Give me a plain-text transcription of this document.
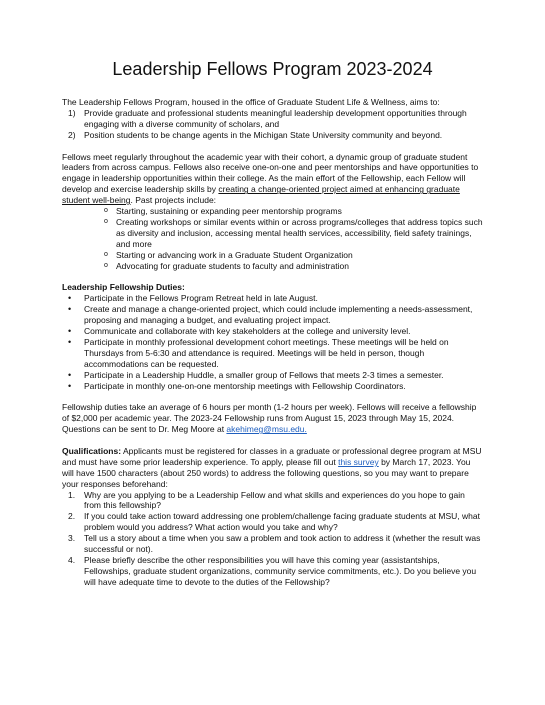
Leadership Fellows Program 2023-2024

The Leadership Fellows Program, housed in the office of Graduate Student Life & Wellness, aims to:

1) Provide graduate and professional students meaningful leadership development opportunities through engaging with a diverse community of scholars, and
2) Position students to be change agents in the Michigan State University community and beyond.

Fellows meet regularly throughout the academic year with their cohort, a dynamic group of graduate student leaders from across campus. Fellows also receive one-on-one and peer mentorships and have opportunities to engage in leadership opportunities within their college. As the main effort of the Fellowship, each Fellow will develop and exercise leadership skills by creating a change-oriented project aimed at enhancing graduate student well-being. Past projects include:

o Starting, sustaining or expanding peer mentorship programs
o Creating workshops or similar events within or across programs/colleges that address topics such as diversity and inclusion, accessing mental health services, accessibility, field safety trainings, and more
o Starting or advancing work in a Graduate Student Organization
o Advocating for graduate students to faculty and administration

Leadership Fellowship Duties:

• Participate in the Fellows Program Retreat held in late August.
• Create and manage a change-oriented project, which could include implementing a needs-assessment, proposing and managing a budget, and evaluating project impact.
• Communicate and collaborate with key stakeholders at the college and university level.
• Participate in monthly professional development cohort meetings. These meetings will be held on Thursdays from 5-6:30 and attendance is required. Meetings will be held in person, though accommodations can be requested.
• Participate in a Leadership Huddle, a smaller group of Fellows that meets 2-3 times a semester.
• Participate in monthly one-on-one mentorship meetings with Fellowship Coordinators.

Fellowship duties take an average of 6 hours per month (1-2 hours per week). Fellows will receive a fellowship of $2,000 per academic year. The 2023-24 Fellowship runs from August 15, 2023 through May 15, 2024. Questions can be sent to Dr. Meg Moore at akehimeg@msu.edu.

Qualifications: Applicants must be registered for classes in a graduate or professional degree program at MSU and must have some prior leadership experience. To apply, please fill out this survey by March 17, 2023. You will have 1500 characters (about 250 words) to address the following questions, so you may want to prepare your responses beforehand:

1. Why are you applying to be a Leadership Fellow and what skills and experiences do you hope to gain from this fellowship?
2. If you could take action toward addressing one problem/challenge facing graduate students at MSU, what problem would you address? What action would you take and why?
3. Tell us a story about a time when you saw a problem and took action to address it (whether the result was successful or not).
4. Please briefly describe the other responsibilities you will have this coming year (assistantships, Fellowships, graduate student organizations, community service commitments, etc.). Do you believe you will have adequate time to devote to the duties of the Fellowship?
